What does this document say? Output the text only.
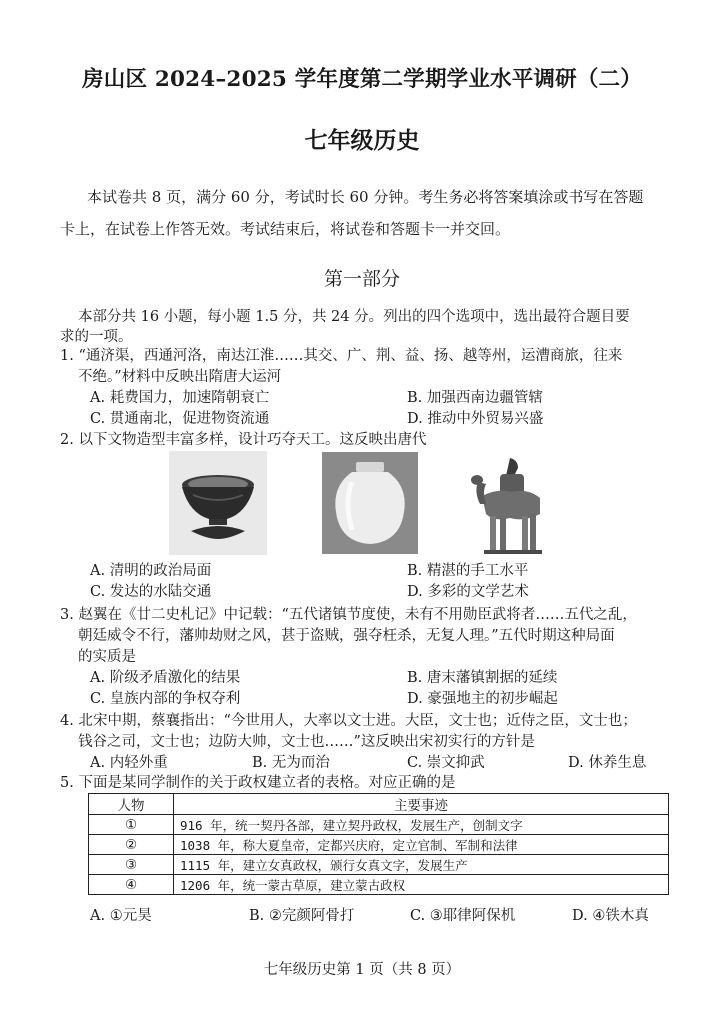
房山区 2024–2025 学年度第二学期学业水平调研（二）
七年级历史
本试卷共 8 页，满分 60 分，考试时长 60 分钟。考生务必将答案填涂或书写在答题
卡上，在试卷上作答无效。考试结束后，将试卷和答题卡一并交回。
第一部分
本部分共 16 小题，每小题 1.5 分，共 24 分。列出的四个选项中，选出最符合题目要
求的一项。
1. “通济渠，西通河洛，南达江淮……其交、广、荆、益、扬、越等州，运漕商旅，往来
不绝。”材料中反映出隋唐大运河
A. 耗费国力，加速隋朝衰亡	B. 加强西南边疆管辖
C. 贯通南北，促进物资流通	D. 推动中外贸易兴盛
2. 以下文物造型丰富多样，设计巧夺天工。这反映出唐代
A. 清明的政治局面	B. 精湛的手工水平
C. 发达的水陆交通	D. 多彩的文学艺术
3. 赵翼在《廿二史札记》中记载：“五代诸镇节度使，未有不用勋臣武将者……五代之乱，
朝廷威令不行，藩帅劫财之风，甚于盗贼，强夺枉杀，无复人理。”五代时期这种局面
的实质是
A. 阶级矛盾激化的结果	B. 唐末藩镇割据的延续
C. 皇族内部的争权夺利	D. 豪强地主的初步崛起
4. 北宋中期，蔡襄指出：“今世用人，大率以文士进。大臣，文士也；近侍之臣，文士也；
钱谷之司，文士也；边防大帅，文士也……”这反映出宋初实行的方针是
A. 内轻外重	B. 无为而治	C. 崇文抑武	D. 休养生息
5. 下面是某同学制作的关于政权建立者的表格。对应正确的是
人物	主要事迹
①	916 年，统一契丹各部，建立契丹政权，发展生产，创制文字
②	1038 年，称大夏皇帝，定都兴庆府，定立官制、军制和法律
③	1115 年，建立女真政权，颁行女真文字，发展生产
④	1206 年，统一蒙古草原，建立蒙古政权
A. ①元昊	B. ②完颜阿骨打	C. ③耶律阿保机	D. ④铁木真
七年级历史第 1 页（共 8 页）
